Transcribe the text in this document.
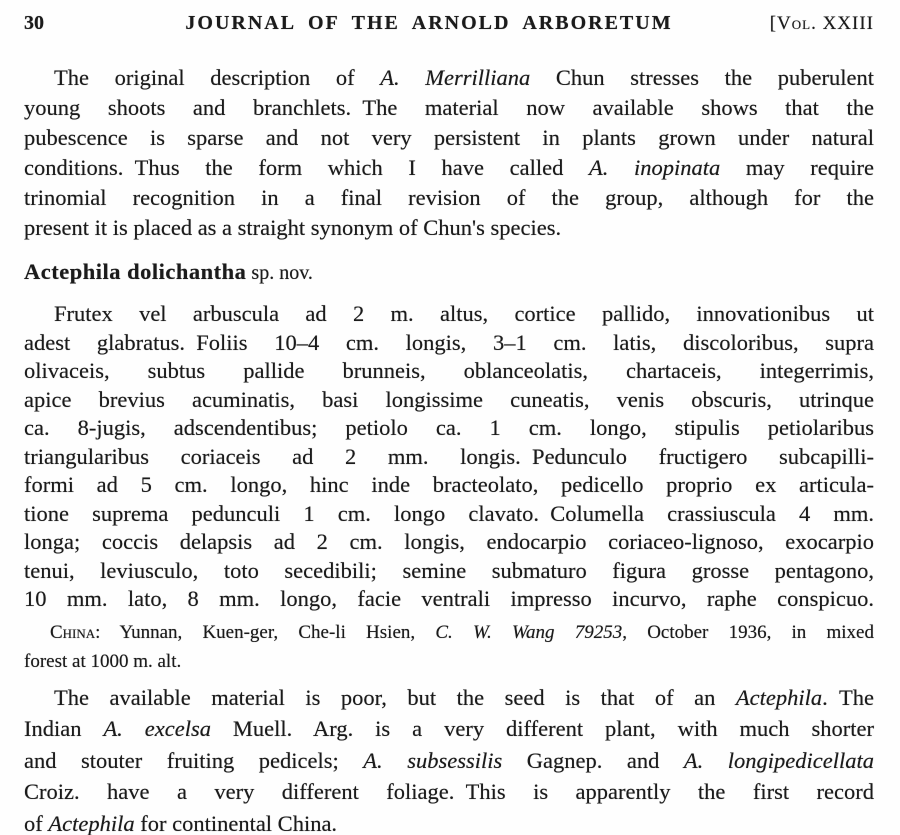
30	JOURNAL OF THE ARNOLD ARBORETUM	[Vol. XXIII

The original description of A. Merrilliana Chun stresses the puberulent
young shoots and branchlets. The material now available shows that the
pubescence is sparse and not very persistent in plants grown under natural
conditions. Thus the form which I have called A. inopinata may require
trinomial recognition in a final revision of the group, although for the
present it is placed as a straight synonym of Chun's species.

Actephila dolichantha sp. nov.

Frutex vel arbuscula ad 2 m. altus, cortice pallido, innovationibus ut
adest glabratus. Foliis 10–4 cm. longis, 3–1 cm. latis, discoloribus, supra
olivaceis, subtus pallide brunneis, oblanceolatis, chartaceis, integerrimis,
apice brevius acuminatis, basi longissime cuneatis, venis obscuris, utrinque
ca. 8-jugis, adscendentibus; petiolo ca. 1 cm. longo, stipulis petiolaribus
triangularibus coriaceis ad 2 mm. longis. Pedunculo fructigero subcapilli-
formi ad 5 cm. longo, hinc inde bracteolato, pedicello proprio ex articula-
tione suprema pedunculi 1 cm. longo clavato. Columella crassiuscula 4 mm.
longa; coccis delapsis ad 2 cm. longis, endocarpio coriaceo-lignoso, exocarpio
tenui, leviusculo, toto secedibili; semine submaturo figura grosse pentagono,
10 mm. lato, 8 mm. longo, facie ventrali impresso incurvo, raphe conspicuo.

China: Yunnan, Kuen-ger, Che-li Hsien, C. W. Wang 79253, October 1936, in mixed
forest at 1000 m. alt.

The available material is poor, but the seed is that of an Actephila. The
Indian A. excelsa Muell. Arg. is a very different plant, with much shorter
and stouter fruiting pedicels; A. subsessilis Gagnep. and A. longipedicellata
Croiz. have a very different foliage. This is apparently the first record
of Actephila for continental China.
